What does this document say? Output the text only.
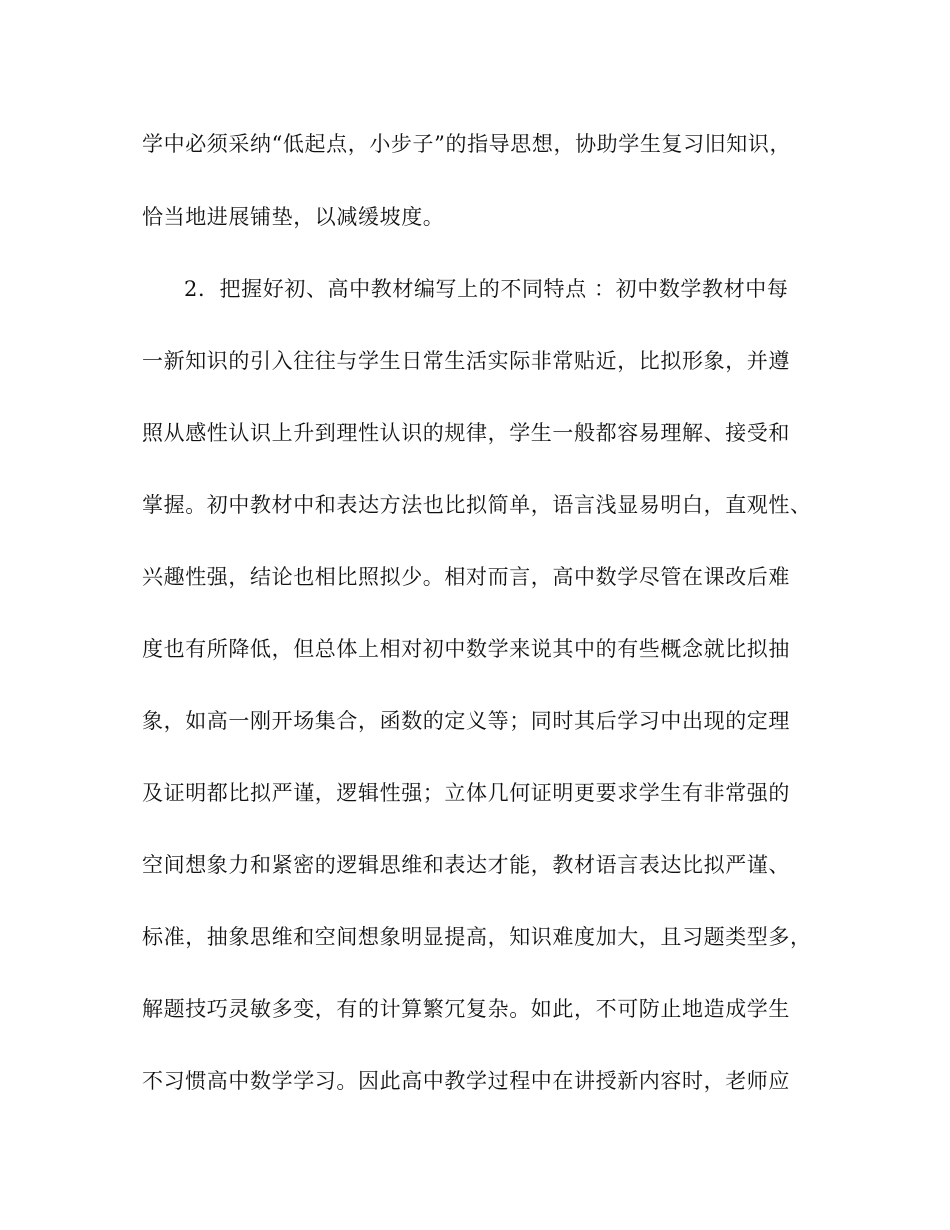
学中必须采纳“低起点，小步子”的指导思想，协助学生复习旧知识，

恰当地进展铺垫，以减缓坡度。

2．把握好初、高中教材编写上的不同特点 ：初中数学教材中每

一新知识的引入往往与学生日常生活实际非常贴近，比拟形象，并遵

照从感性认识上升到理性认识的规律，学生一般都容易理解、接受和

掌握。初中教材中和表达方法也比拟简单，语言浅显易明白，直观性、

兴趣性强，结论也相比照拟少。相对而言，高中数学尽管在课改后难

度也有所降低，但总体上相对初中数学来说其中的有些概念就比拟抽

象，如高一刚开场集合，函数的定义等；同时其后学习中出现的定理

及证明都比拟严谨，逻辑性强；立体几何证明更要求学生有非常强的

空间想象力和紧密的逻辑思维和表达才能，教材语言表达比拟严谨、

标准，抽象思维和空间想象明显提高，知识难度加大，且习题类型多，

解题技巧灵敏多变，有的计算繁冗复杂。如此，不可防止地造成学生

不习惯高中数学学习。因此高中教学过程中在讲授新内容时，老师应
